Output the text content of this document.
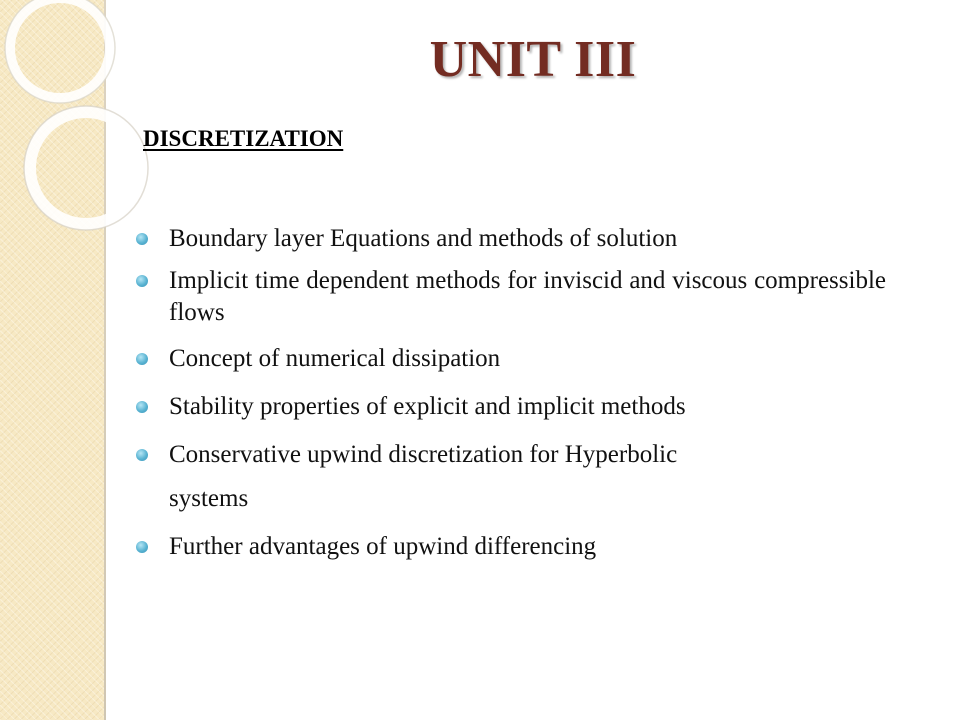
UNIT III
DISCRETIZATION
Boundary layer Equations and methods of solution
Implicit time dependent methods for inviscid and viscous compressible flows
Concept of numerical dissipation
Stability properties of explicit and implicit methods
Conservative upwind discretization for Hyperbolic
systems
Further advantages of upwind differencing
